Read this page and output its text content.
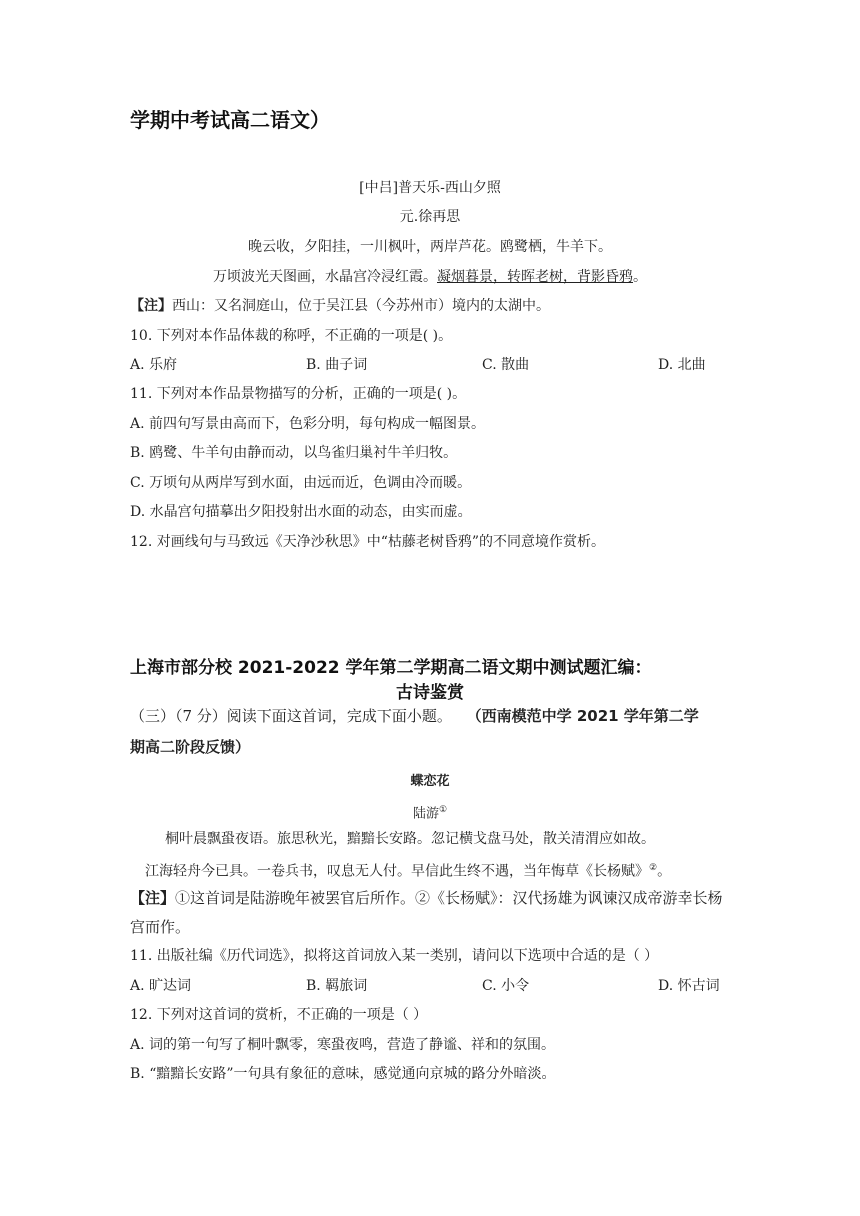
学期中考试高二语文）
[中吕]普天乐-西山夕照
元.徐再思
晚云收，夕阳挂，一川枫叶，两岸芦花。鸥鹭栖，牛羊下。
万顷波光天图画，水晶宫冷浸红霞。凝烟暮景，转晖老树，背影昏鸦。
【注】西山：又名洞庭山，位于吴江县（今苏州市）境内的太湖中。
10. 下列对本作品体裁的称呼，不正确的一项是( )。
A. 乐府	B. 曲子词	C. 散曲	D. 北曲
11. 下列对本作品景物描写的分析，正确的一项是( )。
A. 前四句写景由高而下，色彩分明，每句构成一幅图景。
B. 鸥鹭、牛羊句由静而动，以鸟雀归巢衬牛羊归牧。
C. 万顷句从两岸写到水面，由远而近，色调由冷而暖。
D. 水晶宫句描摹出夕阳投射出水面的动态，由实而虚。
12. 对画线句与马致远《天净沙秋思》中“枯藤老树昏鸦”的不同意境作赏析。
上海市部分校 2021-2022 学年第二学期高二语文期中测试题汇编：
古诗鉴赏
（三）（7 分）阅读下面这首词，完成下面小题。 （西南模范中学 2021 学年第二学
期高二阶段反馈）
蝶恋花
陆游①
桐叶晨飘蛩夜语。旅思秋光，黯黯长安路。忽记横戈盘马处，散关清渭应如故。
江海轻舟今已具。一卷兵书，叹息无人付。早信此生终不遇，当年悔草《长杨赋》②。
【注】①这首词是陆游晚年被罢官后所作。②《长杨赋》：汉代扬雄为讽谏汉成帝游幸长杨
宫而作。
11. 出版社编《历代词选》，拟将这首词放入某一类别，请问以下选项中合适的是（ ）
A. 旷达词	B. 羁旅词	C. 小令	D. 怀古词
12. 下列对这首词的赏析，不正确的一项是（ ）
A. 词的第一句写了桐叶飘零，寒蛩夜鸣，营造了静谧、祥和的氛围。
B. “黯黯长安路”一句具有象征的意味，感觉通向京城的路分外暗淡。
